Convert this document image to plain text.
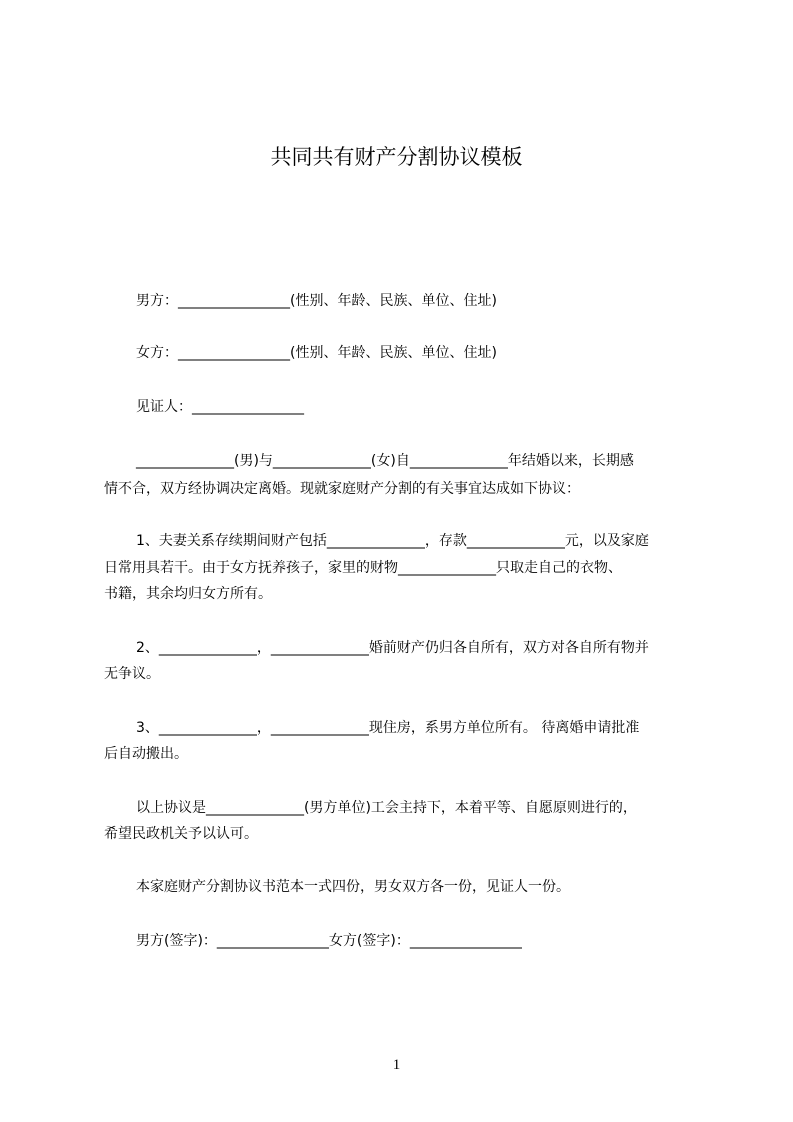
共同共有财产分割协议模板

男方：________________(性别、年龄、民族、单位、住址)

女方：________________(性别、年龄、民族、单位、住址)

见证人：________________

______________(男)与______________(女)自______________年结婚以来，长期感

情不合，双方经协调决定离婚。现就家庭财产分割的有关事宜达成如下协议：

1、夫妻关系存续期间财产包括______________，存款______________元，以及家庭

日常用具若干。由于女方抚养孩子，家里的财物______________只取走自己的衣物、

书籍，其余均归女方所有。

2、______________，______________婚前财产仍归各自所有，双方对各自所有物并

无争议。

3、______________，______________现住房，系男方单位所有。 待离婚申请批准

后自动搬出。

以上协议是______________(男方单位)工会主持下，本着平等、自愿原则进行的，

希望民政机关予以认可。

本家庭财产分割协议书范本一式四份，男女双方各一份，见证人一份。

男方(签字)：________________女方(签字)：________________

1
